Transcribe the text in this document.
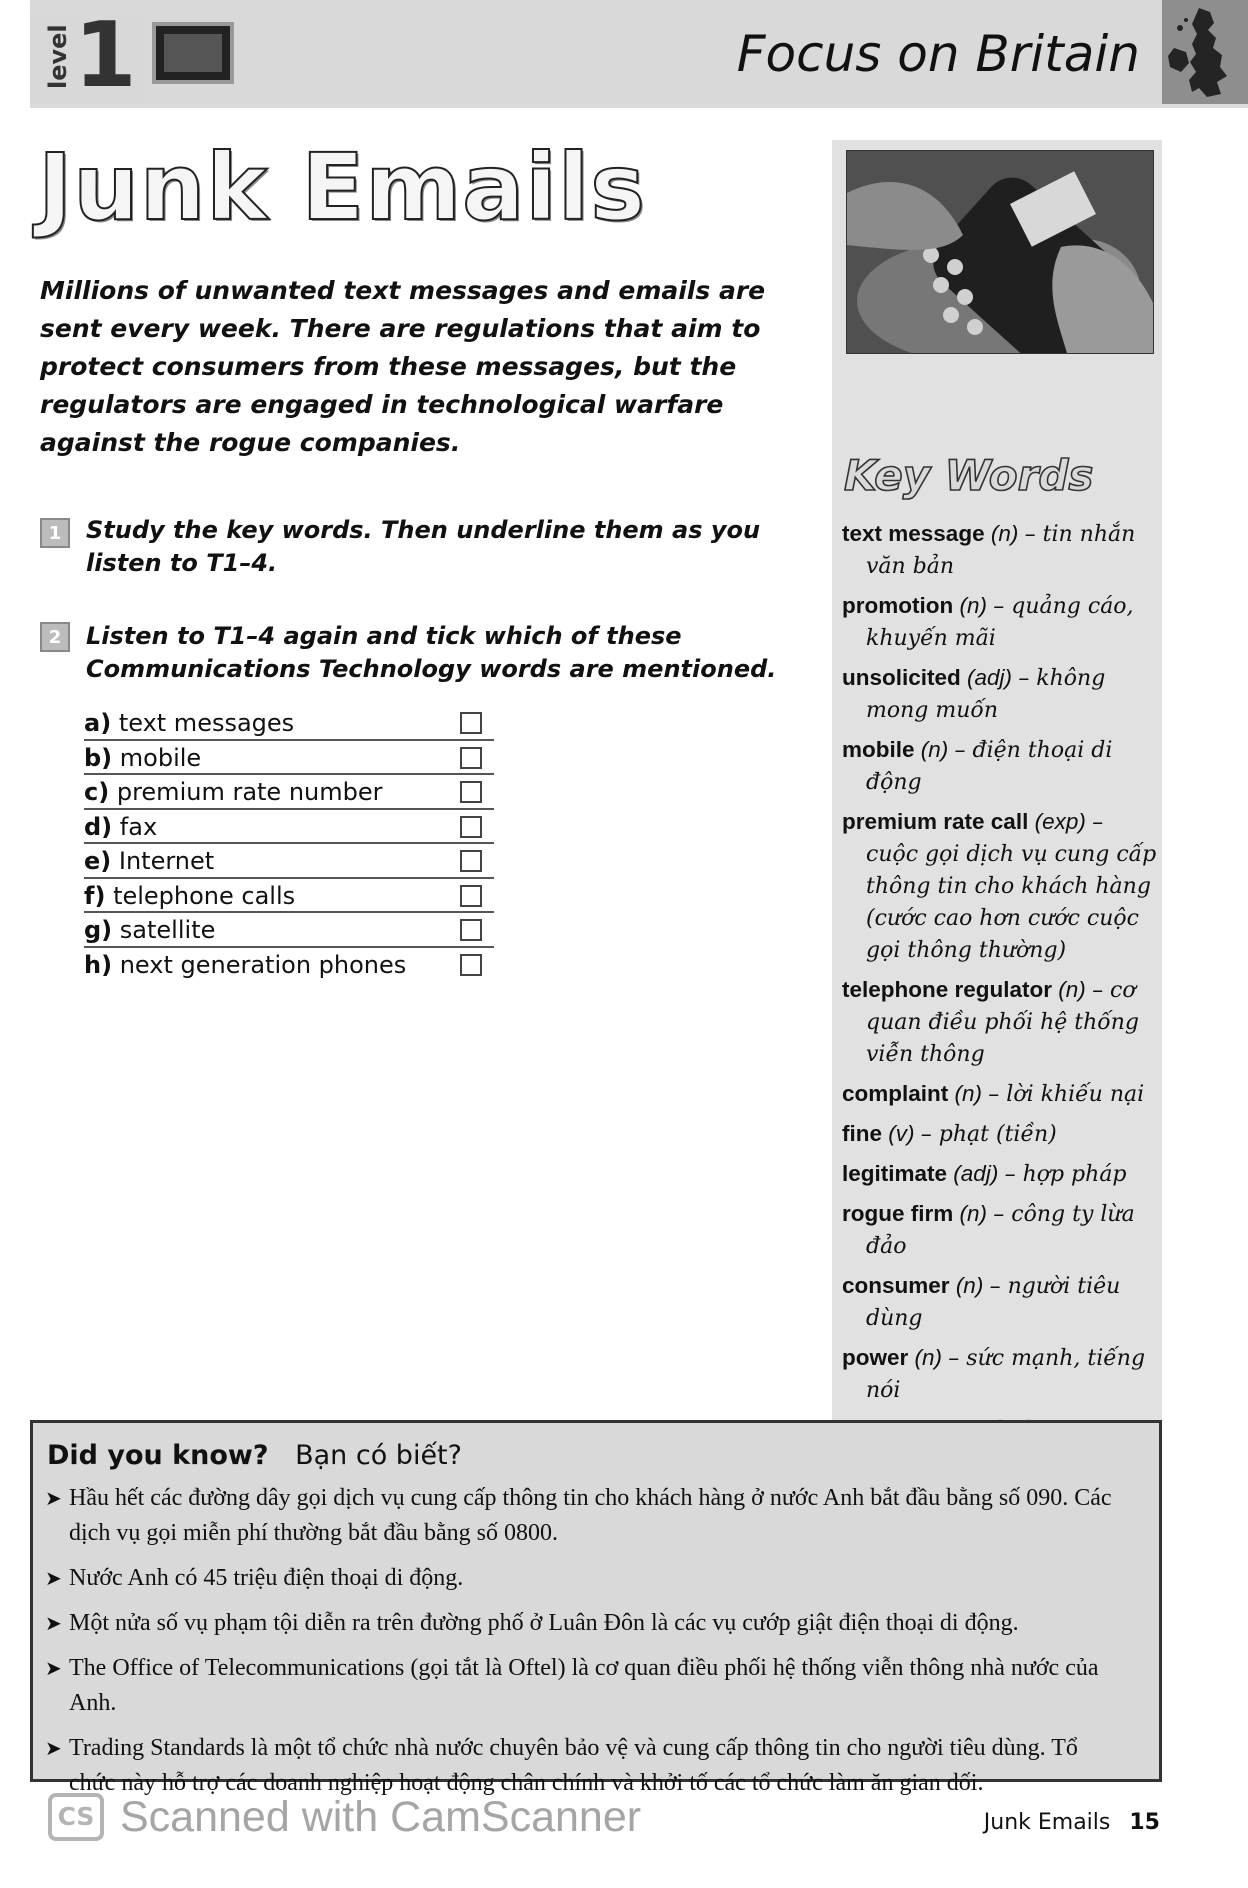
level 1	Focus on Britain
Junk Emails
Millions of unwanted text messages and emails are sent every week. There are regulations that aim to protect consumers from these messages, but the regulators are engaged in technological warfare against the rogue companies.
1	Study the key words. Then underline them as you listen to T1–4.
2	Listen to T1–4 again and tick which of these Communications Technology words are mentioned.
a) text messages
b) mobile
c) premium rate number
d) fax
e) Internet
f) telephone calls
g) satellite
h) next generation phones
Key Words
text message (n) – tin nhắn văn bản
promotion (n) – quảng cáo, khuyến mãi
unsolicited (adj) – không mong muốn
mobile (n) – điện thoại di động
premium rate call (exp) – cuộc gọi dịch vụ cung cấp thông tin cho khách hàng (cước cao hơn cước cuộc gọi thông thường)
telephone regulator (n) – cơ quan điều phối hệ thống viễn thông
complaint (n) – lời khiếu nại
fine (v) – phạt (tiền)
legitimate (adj) – hợp pháp
rogue firm (n) – công ty lừa đảo
consumer (n) – người tiêu dùng
power (n) – sức mạnh, tiếng nói
Did you know? Bạn có biết?
➤ Hầu hết các đường dây gọi dịch vụ cung cấp thông tin cho khách hàng ở nước Anh bắt đầu bằng số 090. Các dịch vụ gọi miễn phí thường bắt đầu bằng số 0800.
➤ Nước Anh có 45 triệu điện thoại di động.
➤ Một nửa số vụ phạm tội diễn ra trên đường phố ở Luân Đôn là các vụ cướp giật điện thoại di động.
➤ The Office of Telecommunications (gọi tắt là Oftel) là cơ quan điều phối hệ thống viễn thông nhà nước của Anh.
➤ Trading Standards là một tổ chức nhà nước chuyên bảo vệ và cung cấp thông tin cho người tiêu dùng. Tổ chức này hỗ trợ các doanh nghiệp hoạt động chân chính và khởi tố các tổ chức làm ăn gian dối.
CS Scanned with CamScanner	Junk Emails 15
